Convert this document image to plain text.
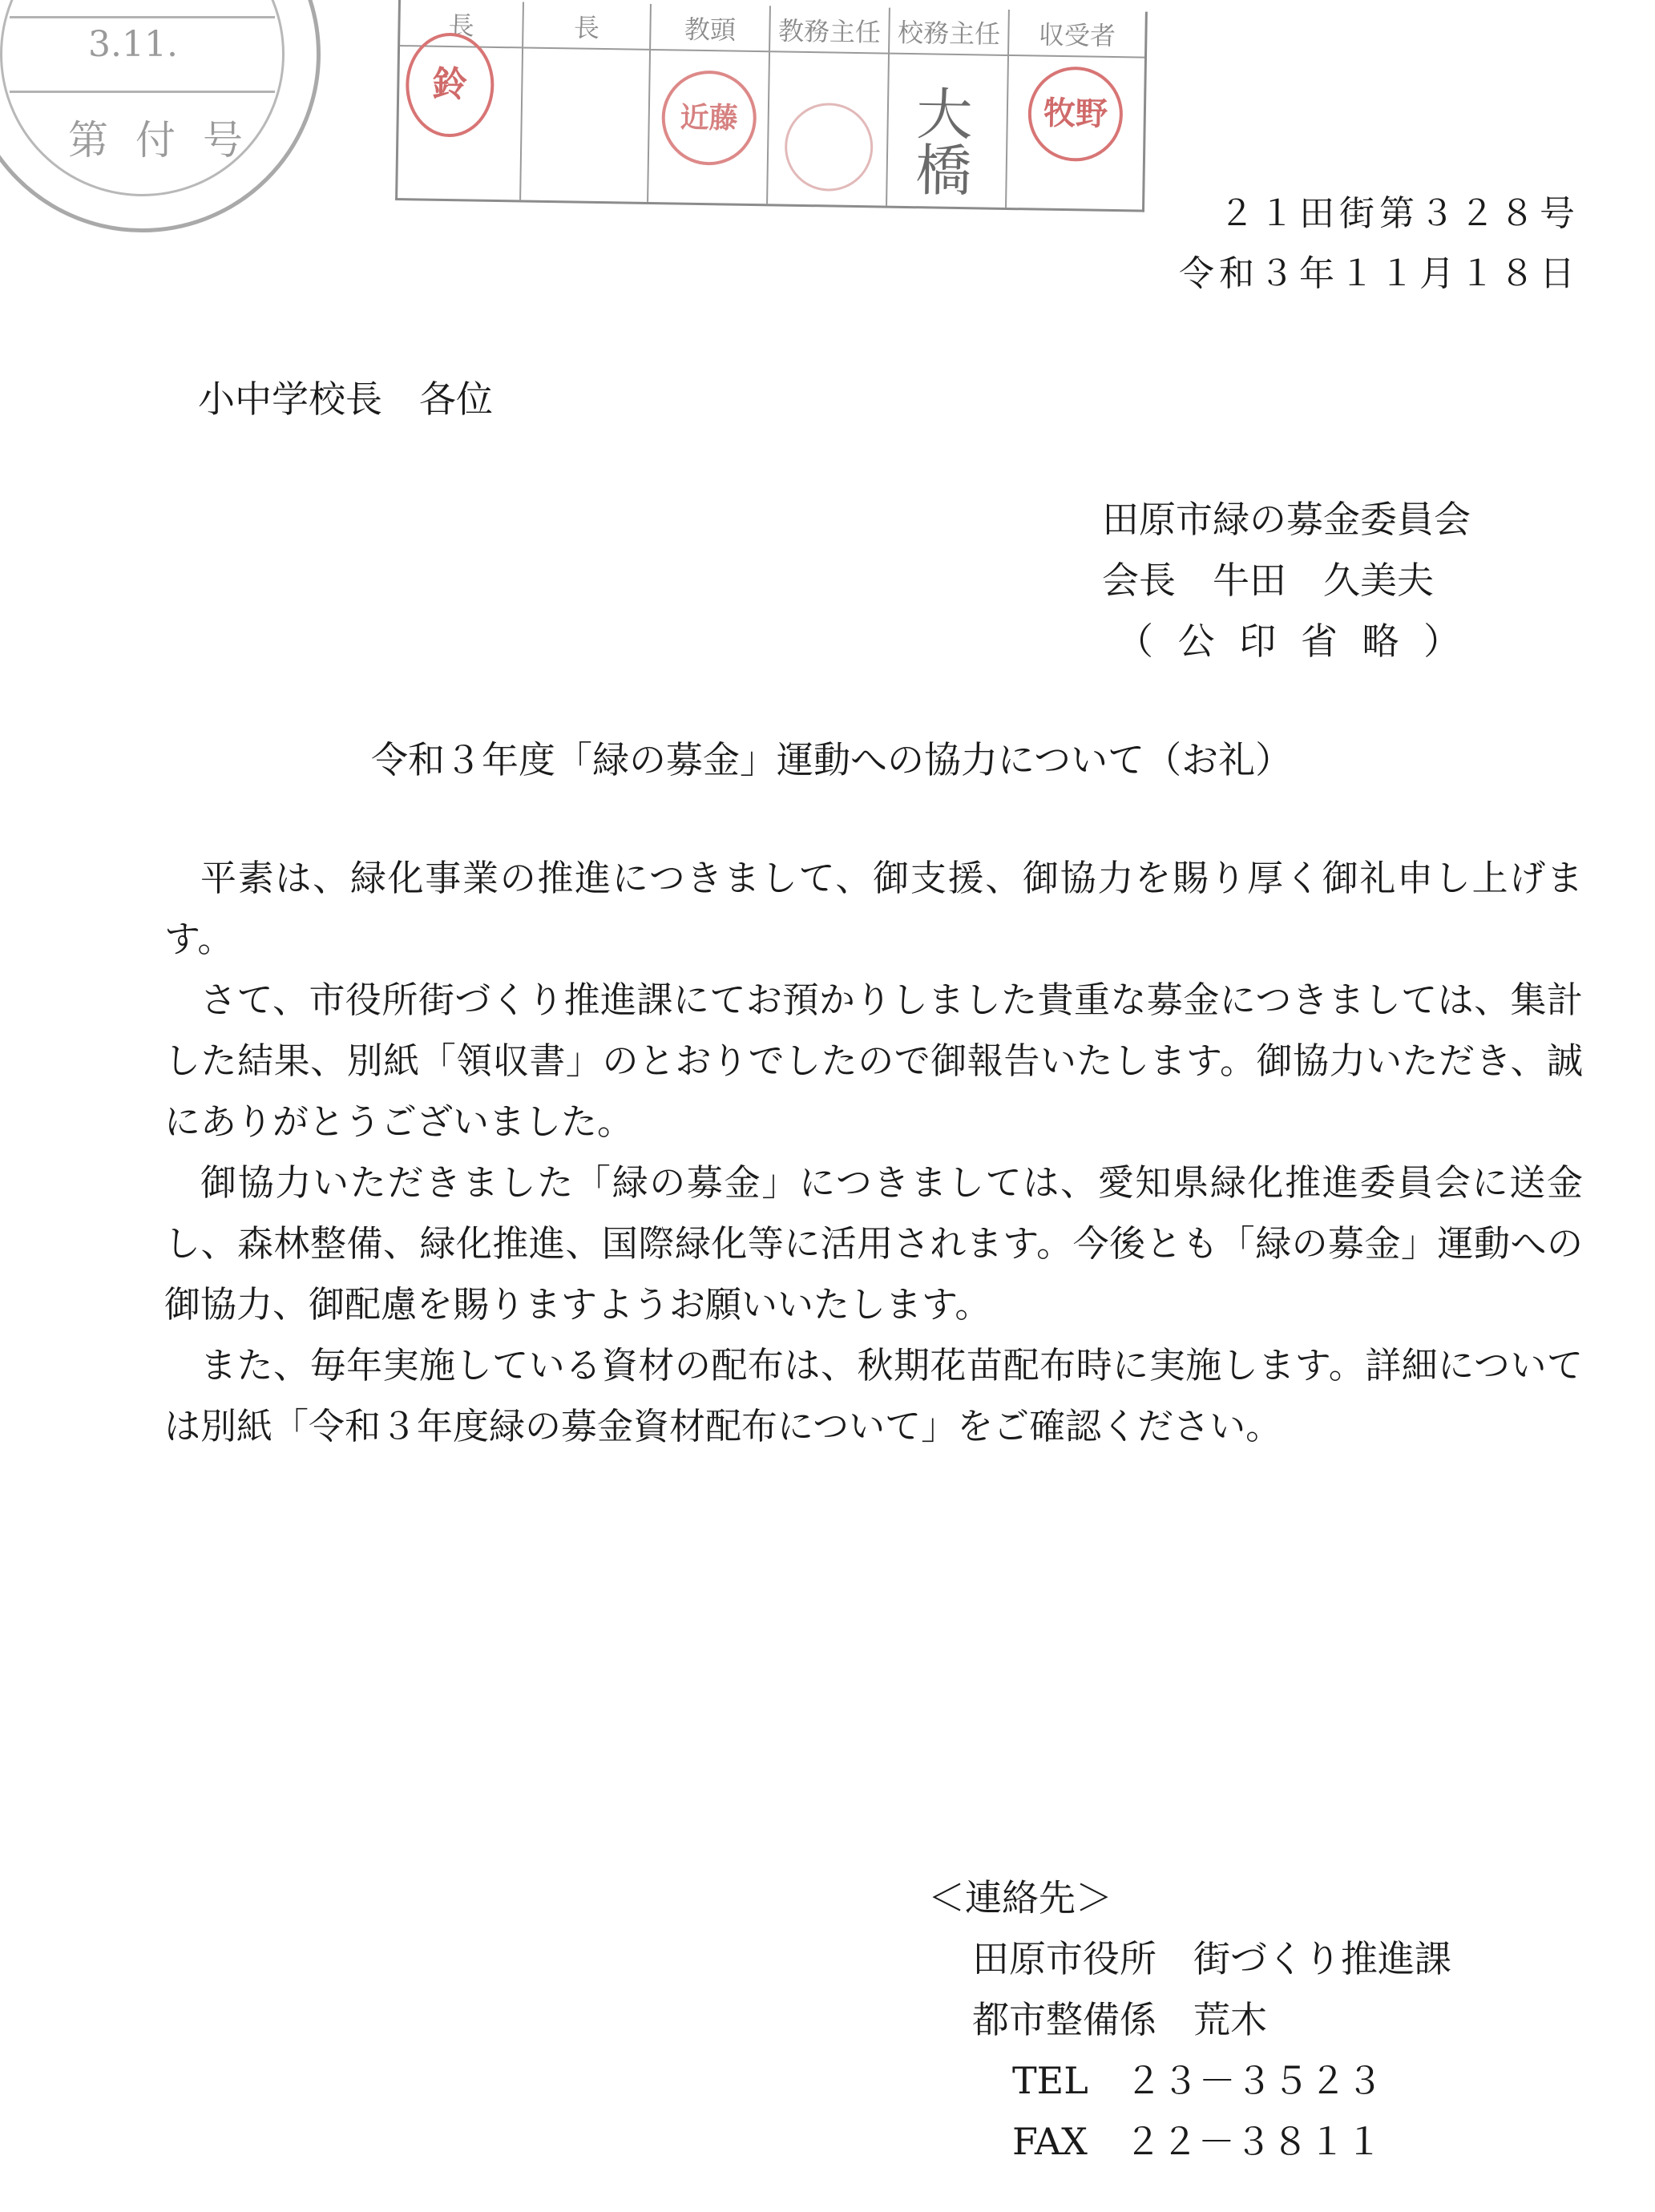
3.11.
第付号
長
鈴
長	教頭
近藤
教務主任 校務主任
大橋
収受者
牧野

２１田街第３２８号

令和３年１１月１８日

小中学校長　各位

田原市緑の募金委員会
会長　牛田　久美夫
（ 公 印 省 略 ）

令和３年度「緑の募金」運動への協力について（お礼）

平素は、緑化事業の推進につきまして、御支援、御協力を賜り厚く御礼申し上げます。

さて、市役所街づくり推進課にてお預かりしました貴重な募金につきましては、集計した結果、別紙「領収書」のとおりでしたので御報告いたします。御協力いただき、誠にありがとうございました。

御協力いただきました「緑の募金」につきましては、愛知県緑化推進委員会に送金し、森林整備、緑化推進、国際緑化等に活用されます。今後とも「緑の募金」運動への御協力、御配慮を賜りますようお願いいたします。

また、毎年実施している資材の配布は、秋期花苗配布時に実施します。詳細については別紙「令和３年度緑の募金資材配布について」をご確認ください。

＜連絡先＞
田原市役所　街づくり推進課
都市整備係　荒木
TEL　２３－３５２３
FAX　２２－３８１１
